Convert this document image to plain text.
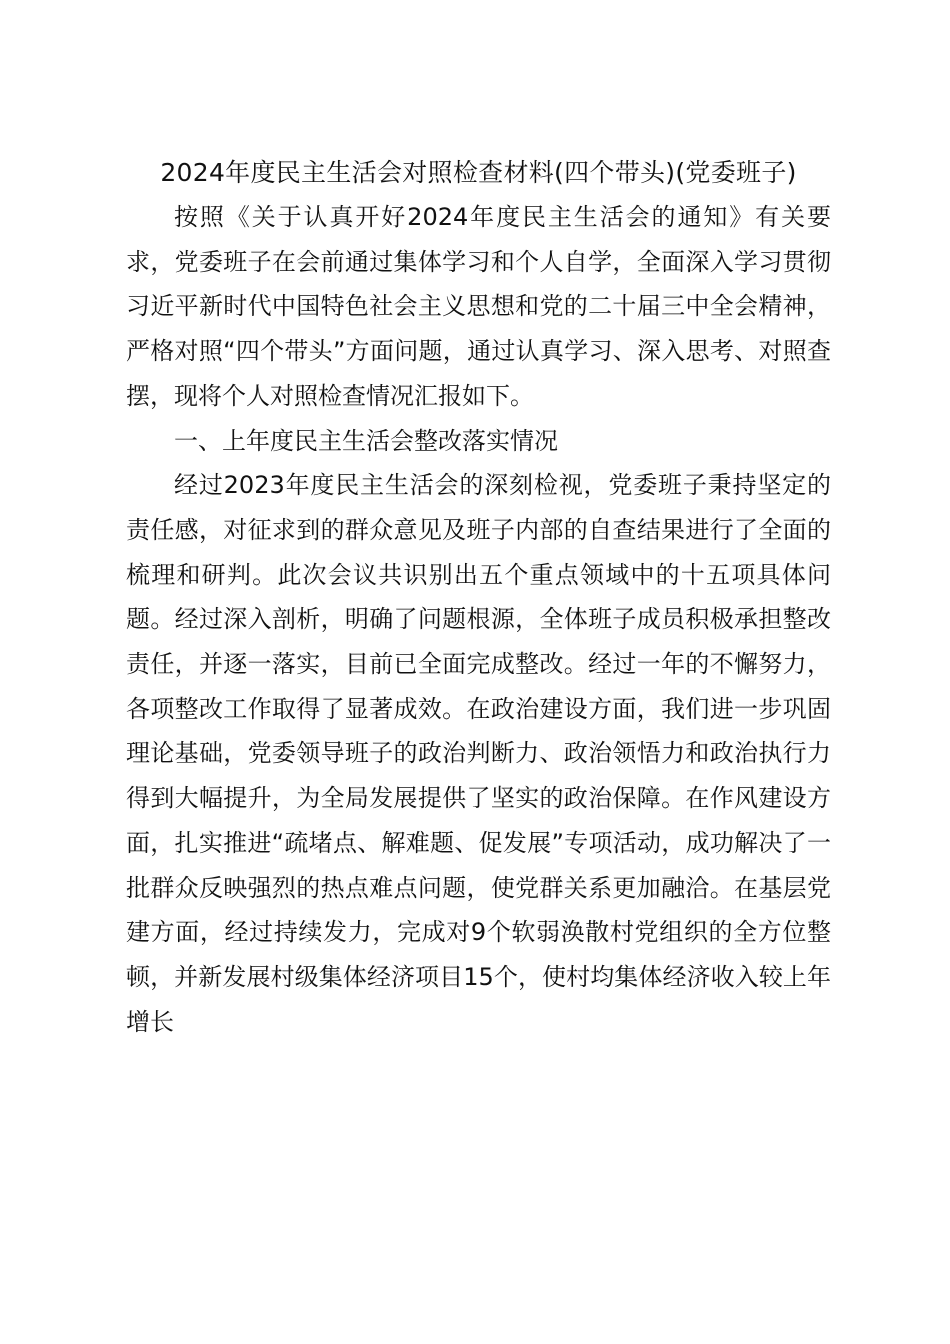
2024年度民主生活会对照检查材料(四个带头)(党委班子)

按照《关于认真开好2024年度民主生活会的通知》有关要求，党委班子在会前通过集体学习和个人自学，全面深入学习贯彻习近平新时代中国特色社会主义思想和党的二十届三中全会精神，严格对照“四个带头”方面问题，通过认真学习、深入思考、对照查摆，现将个人对照检查情况汇报如下。

一、上年度民主生活会整改落实情况

经过2023年度民主生活会的深刻检视，党委班子秉持坚定的责任感，对征求到的群众意见及班子内部的自查结果进行了全面的梳理和研判。此次会议共识别出五个重点领域中的十五项具体问题。经过深入剖析，明确了问题根源，全体班子成员积极承担整改责任，并逐一落实，目前已全面完成整改。经过一年的不懈努力，各项整改工作取得了显著成效。在政治建设方面，我们进一步巩固理论基础，党委领导班子的政治判断力、政治领悟力和政治执行力得到大幅提升，为全局发展提供了坚实的政治保障。在作风建设方面，扎实推进“疏堵点、解难题、促发展”专项活动，成功解决了一批群众反映强烈的热点难点问题，使党群关系更加融洽。在基层党建方面，经过持续发力，完成对9个软弱涣散村党组织的全方位整顿，并新发展村级集体经济项目15个，使村均集体经济收入较上年增长
